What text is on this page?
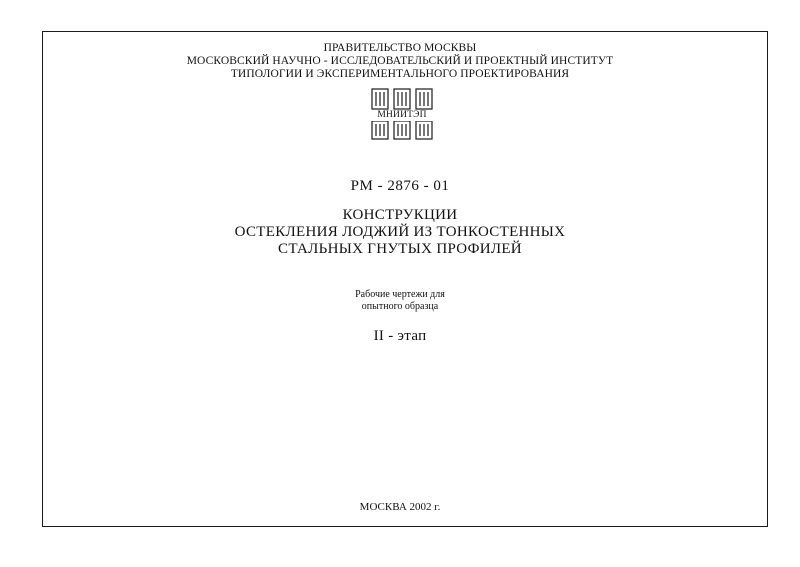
ПРАВИТЕЛЬСТВО МОСКВЫ
МОСКОВСКИЙ НАУЧНО - ИССЛЕДОВАТЕЛЬСКИЙ И ПРОЕКТНЫЙ ИНСТИТУТ
ТИПОЛОГИИ И ЭКСПЕРИМЕНТАЛЬНОГО ПРОЕКТИРОВАНИЯ
МНИИТЭП
РМ - 2876 - 01
КОНСТРУКЦИИ
ОСТЕКЛЕНИЯ ЛОДЖИЙ ИЗ ТОНКОСТЕННЫХ
СТАЛЬНЫХ ГНУТЫХ ПРОФИЛЕЙ
Рабочие чертежи для
опытного образца
II - этап
МОСКВА 2002 г.
